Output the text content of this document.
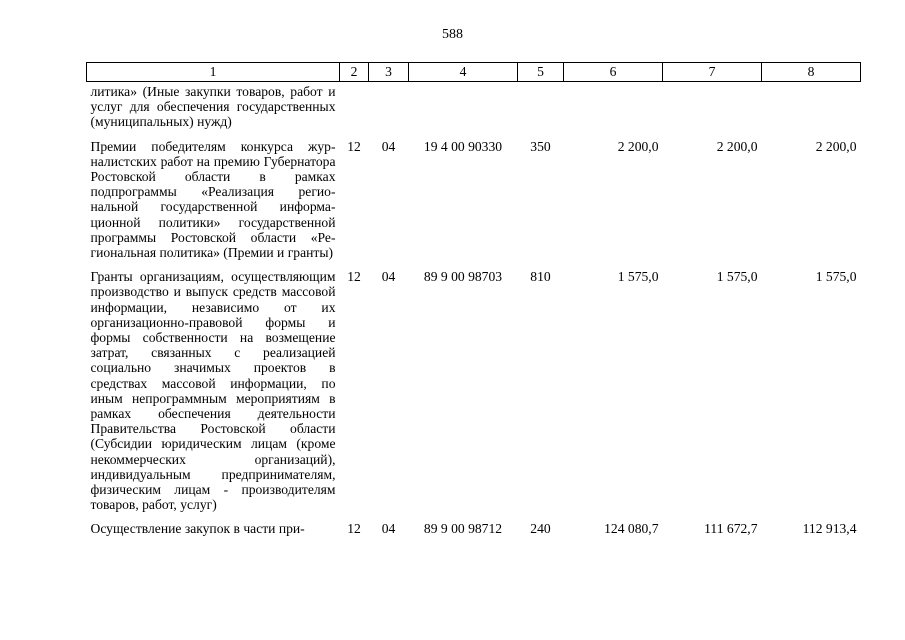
588
1	2	3	4	5	6	7	8
литика» (Иные закупки товаров, работ и услуг для обеспечения государственных (муниципальных) нужд)							
Премии победителям конкурса журналистских работ на премию Губернатора Ростовской области в рамках подпрограммы «Реализация региональной государственной информационной политики» государственной программы Ростовской области «Региональная политика» (Премии и гранты)	12	04	19 4 00 90330	350	2 200,0	2 200,0	2 200,0
Гранты организациям, осуществляющим производство и выпуск средств массовой информации, независимо от их организационно-правовой формы и формы собственности на возмещение затрат, связанных с реализацией социально значимых проектов в средствах массовой информации, по иным непрограммным мероприятиям в рамках обеспечения деятельности Правительства Ростовской области (Субсидии юридическим лицам (кроме некоммерческих организаций), индивидуальным предпринимателям, физическим лицам - производителям товаров, работ, услуг)	12	04	89 9 00 98703	810	1 575,0	1 575,0	1 575,0
Осуществление закупок в части при-	12	04	89 9 00 98712	240	124 080,7	111 672,7	112 913,4
